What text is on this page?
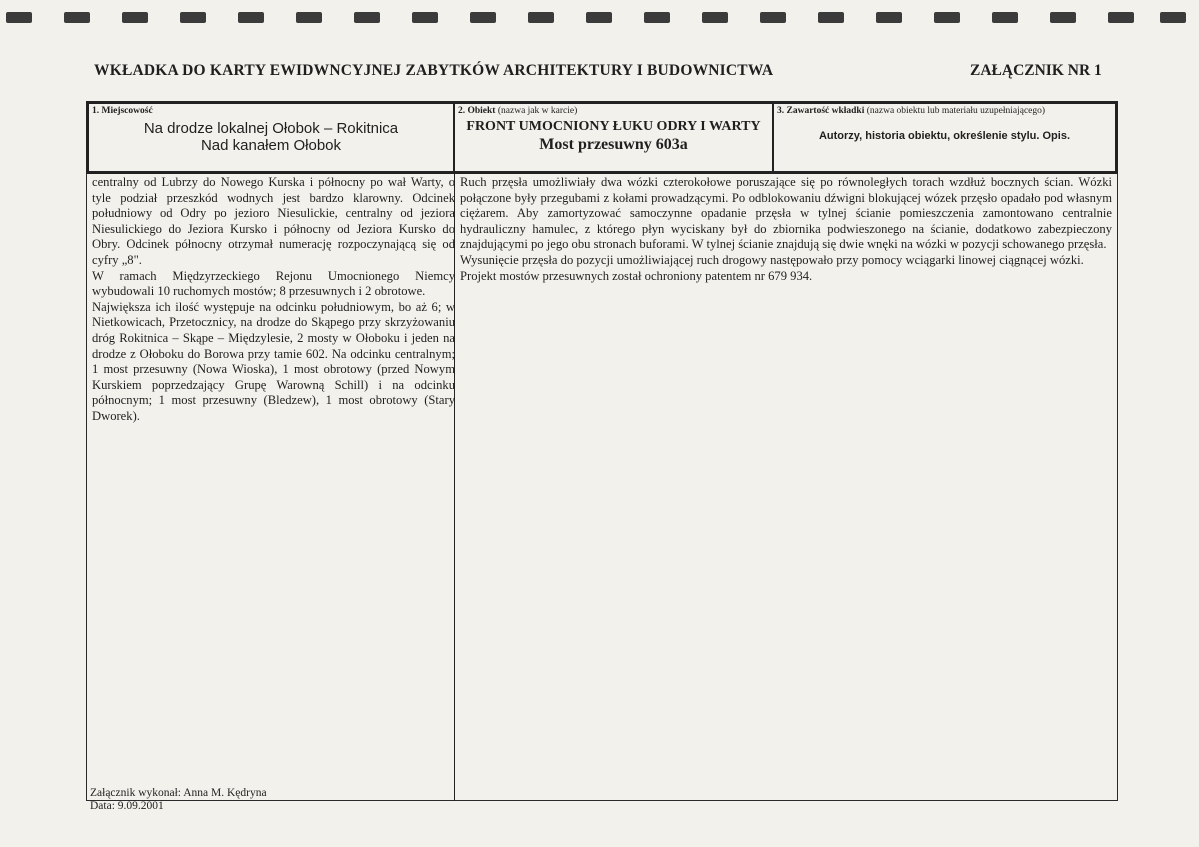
WKŁADKA DO KARTY EWIDWNCYJNEJ ZABYTKÓW ARCHITEKTURY I BUDOWNICTWA	ZAŁĄCZNIK NR 1
1. Miejscowość
Na drodze lokalnej Ołobok – Rokitnica
Nad kanałem Ołobok
2. Obiekt (nazwa jak w karcie)
FRONT UMOCNIONY ŁUKU ODRY I WARTY
Most przesuwny 603a
3. Zawartość wkładki (nazwa obiektu lub materiału uzupełniającego)
Autorzy, historia obiektu, określenie stylu. Opis.

centralny od Lubrzy do Nowego Kurska i północny po wał Warty, o tyle podział przeszkód wodnych jest bardzo klarowny. Odcinek południowy od Odry po jezioro Niesulickie, centralny od jeziora Niesulickiego do Jeziora Kursko i północny od Jeziora Kursko do Obry. Odcinek północny otrzymał numerację rozpoczynającą się od cyfry „8".

W ramach Międzyrzeckiego Rejonu Umocnionego Niemcy wybudowali 10 ruchomych mostów; 8 przesuwnych i 2 obrotowe.

Największa ich ilość występuje na odcinku południowym, bo aż 6; w Nietkowicach, Przetocznicy, na drodze do Skąpego przy skrzyżowaniu dróg Rokitnica – Skąpe – Międzylesie, 2 mosty w Ołoboku i jeden na drodze z Ołoboku do Borowa przy tamie 602. Na odcinku centralnym; 1 most przesuwny (Nowa Wioska), 1 most obrotowy (przed Nowym Kurskiem poprzedzający Grupę Warowną Schill) i na odcinku północnym; 1 most przesuwny (Bledzew), 1 most obrotowy (Stary Dworek).

Ruch przęsła umożliwiały dwa wózki czterokołowe poruszające się po równoległych torach wzdłuż bocznych ścian. Wózki połączone były przegubami z kołami prowadzącymi. Po odblokowaniu dźwigni blokującej wózek przęsło opadało pod własnym ciężarem. Aby zamortyzować samoczynne opadanie przęsła w tylnej ścianie pomieszczenia zamontowano centralnie hydrauliczny hamulec, z którego płyn wyciskany był do zbiornika podwieszonego na ścianie, dodatkowo zabezpieczony znajdującymi po jego obu stronach buforami. W tylnej ścianie znajdują się dwie wnęki na wózki w pozycji schowanego przęsła.

Wysunięcie przęsła do pozycji umożliwiającej ruch drogowy następowało przy pomocy wciągarki linowej ciągnącej wózki.

Projekt mostów przesuwnych został ochroniony patentem nr 679 934.

Załącznik wykonał: Anna M. Kędryna
Data: 9.09.2001
